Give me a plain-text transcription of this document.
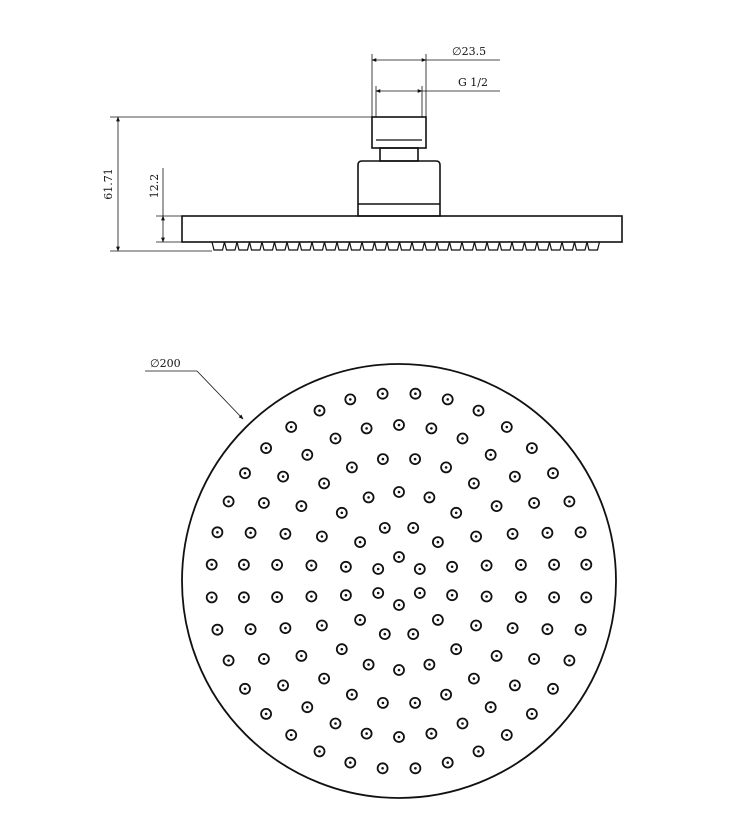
∅23.5
G 1/2
61.71	12.2
∅200
